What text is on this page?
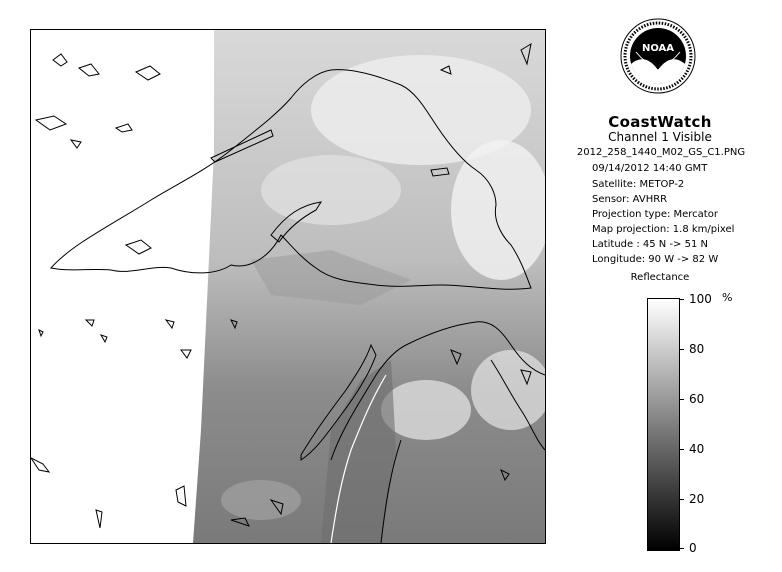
NOAA
CoastWatch
Channel 1 Visible
2012_258_1440_M02_GS_C1.PNG
09/14/2012 14:40 GMT
Satellite: METOP-2
Sensor: AVHRR
Projection type: Mercator
Map projection: 1.8 km/pixel
Latitude : 45 N -> 51 N
Longitude: 90 W -> 82 W
Reflectance
%
100
80
60
40
20
0
